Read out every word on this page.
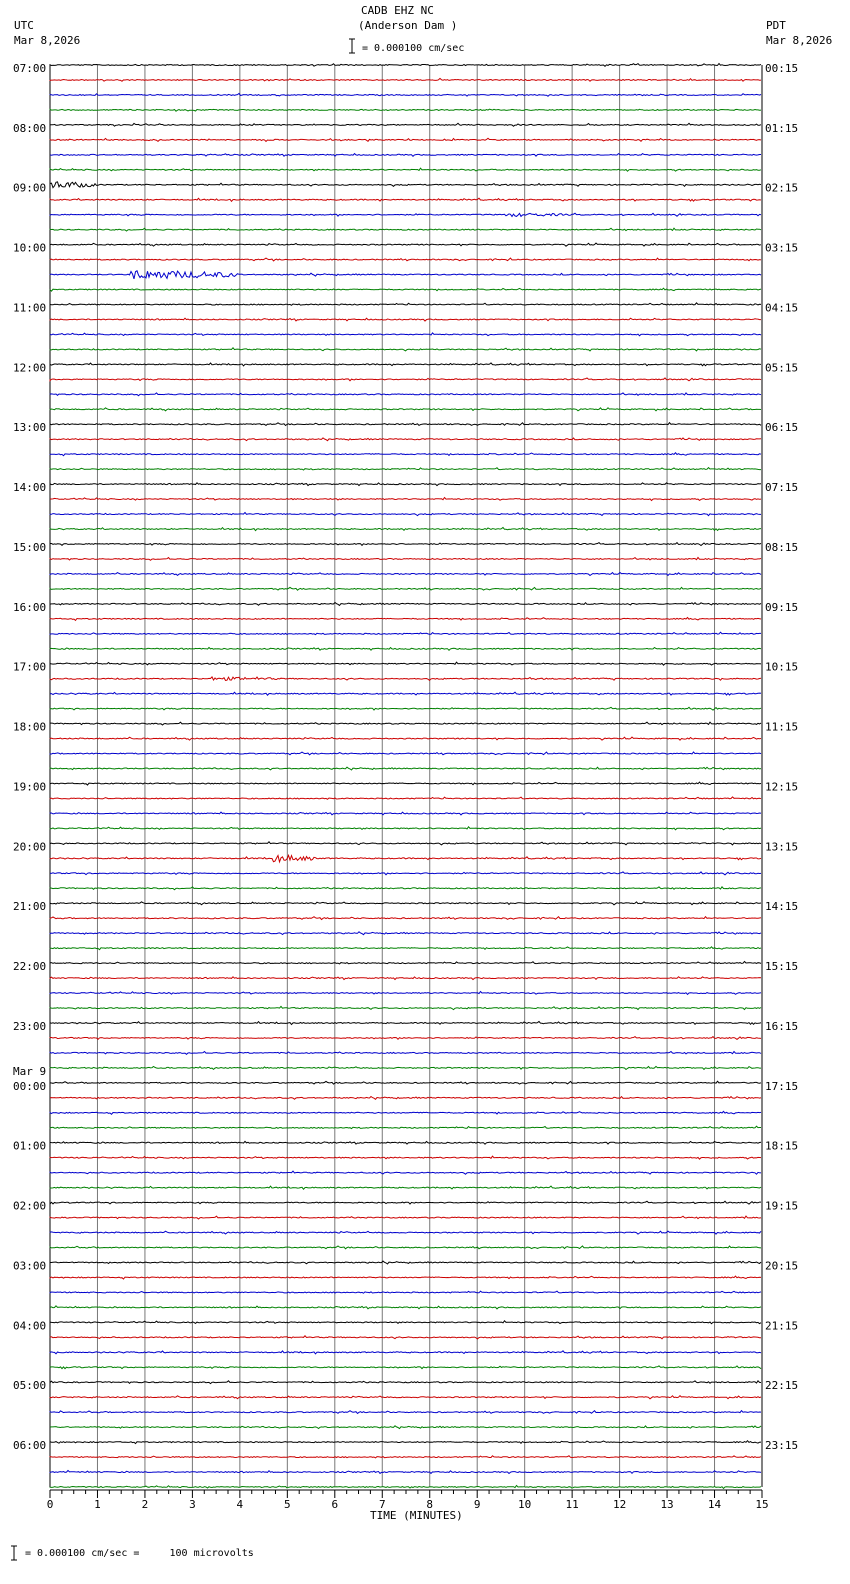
CADB EHZ NC
(Anderson Dam )
UTC
Mar 8,2026
PDT
Mar 8,2026
= 0.000100 cm/sec
TIME (MINUTES)
= 0.000100 cm/sec =     100 microvolts
07:00	00:15
08:00	01:15
09:00	02:15
10:00	03:15
11:00	04:15
12:00	05:15
13:00	06:15
14:00	07:15
15:00	08:15
16:00	09:15
17:00	10:15
18:00	11:15
19:00	12:15
20:00	13:15
21:00	14:15
22:00	15:15
23:00	16:15
00:00	17:15
01:00	18:15
02:00	19:15
03:00	20:15
04:00	21:15
05:00	22:15
06:00	23:15
Mar 9
0	1	2	3	4	5	6	7	8	9	10	11	12	13	14	15
